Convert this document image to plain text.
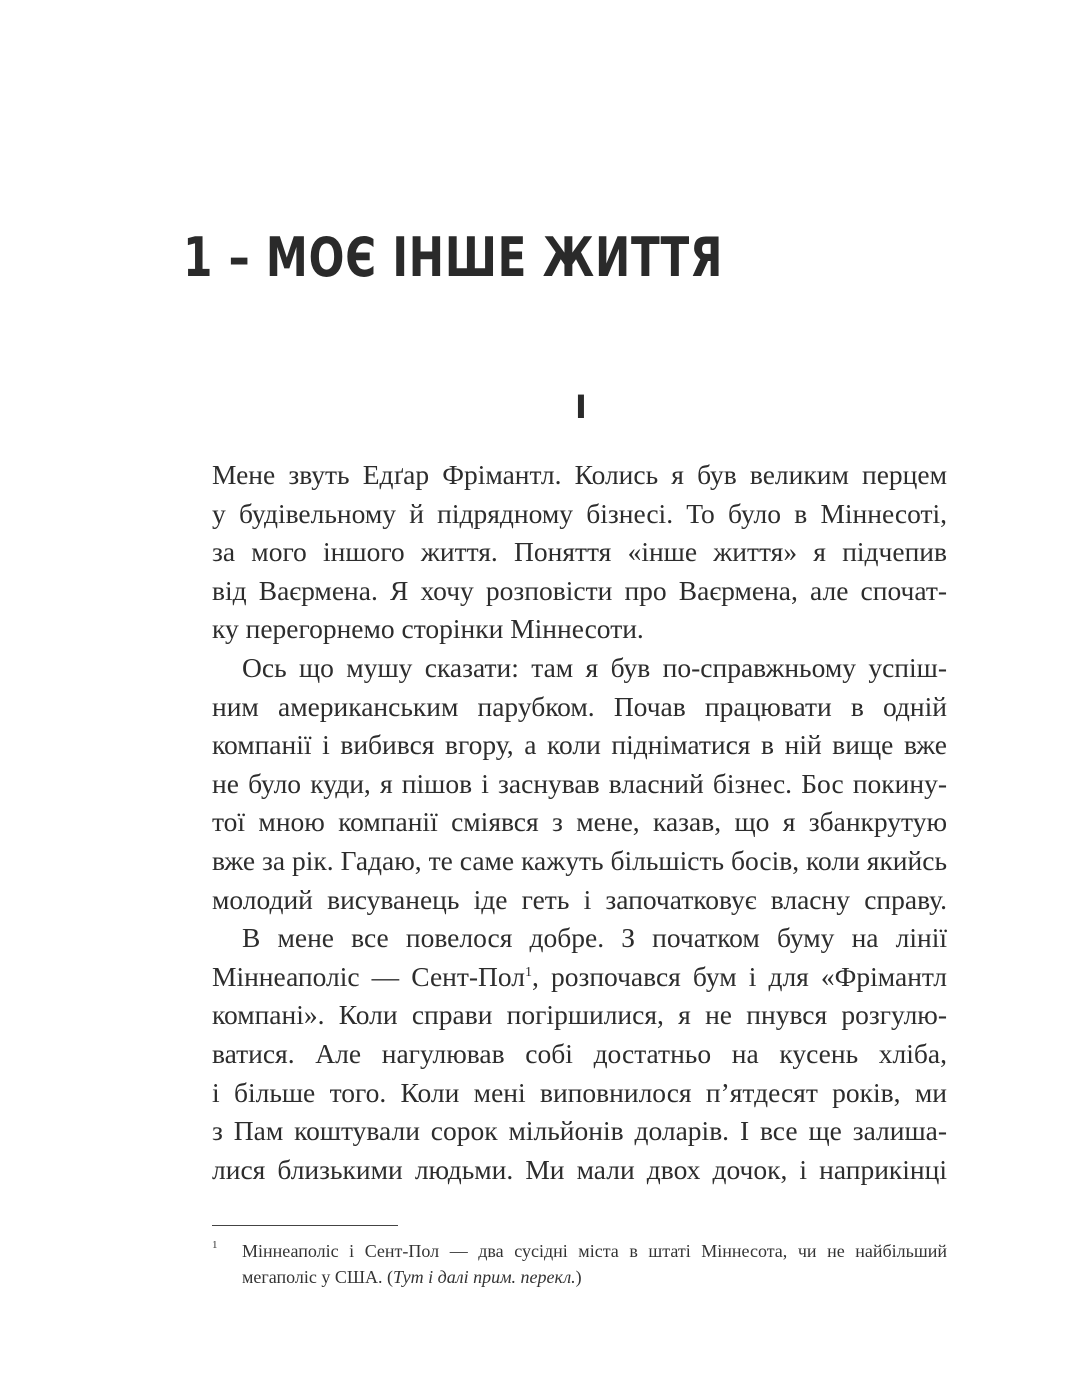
1 – МОЄ ІНШЕ ЖИТТЯ
I
Мене звуть Едґар Фрімантл. Колись я був великим перцем
у будівельному й підрядному бізнесі. То було в Міннесоті,
за мого іншого життя. Поняття «інше життя» я підчепив
від Ваєрмена. Я хочу розповісти про Ваєрмена, але спочат-
ку перегорнемо сторінки Міннесоти.
Ось що мушу сказати: там я був по-справжньому успіш-
ним американським парубком. Почав працювати в одній
компанії і вибився вгору, а коли підніматися в ній вище вже
не було куди, я пішов і заснував власний бізнес. Бос покину-
тої мною компанії сміявся з мене, казав, що я збанкрутую
вже за рік. Гадаю, те саме кажуть більшість босів, коли якийсь
молодий висуванець іде геть і започатковує власну справу.
В мене все повелося добре. З початком буму на лінії
Міннеаполіс — Сент-Пол$^1$, розпочався бум і для «Фрімантл
компані». Коли справи погіршилися, я не пнувся розгулю-
ватися. Але нагулював собі достатньо на кусень хліба,
і більше того. Коли мені виповнилося п’ятдесят років, ми
з Пам коштували сорок мільйонів доларів. І все ще залиша-
лися близькими людьми. Ми мали двох дочок, і наприкінці
1 Міннеаполіс і Сент-Пол — два сусідні міста в штаті Міннесота, чи не найбільший
мегаполіс у США. (Тут і далі прим. перекл.)
